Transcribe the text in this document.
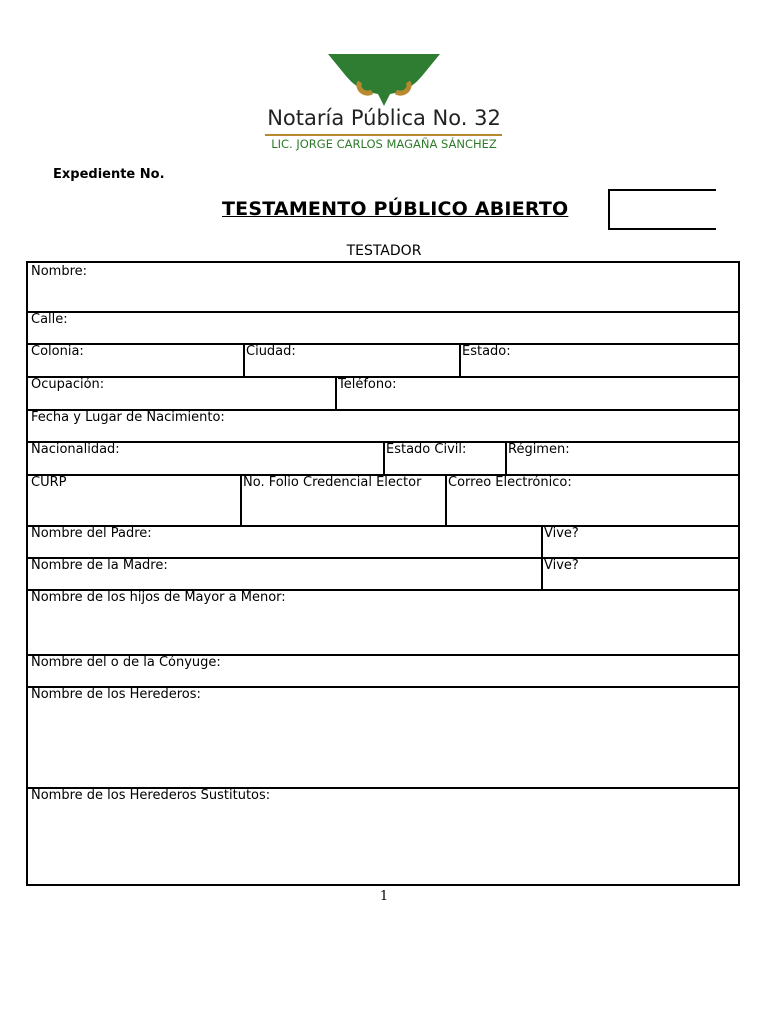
Notaría Pública No. 32
LIC. JORGE CARLOS MAGAÑA SÁNCHEZ
Expediente No.
TESTAMENTO PÚBLICO ABIERTO
TESTADOR
Nombre:
Calle:
Colonia:	Ciudad:	Estado:
Ocupación:	Teléfono:
Fecha y Lugar de Nacimiento:
Nacionalidad:	Estado Civil:	Régimen:
CURP	No. Folio Credencial Elector	Correo Electrónico:
Nombre del Padre:	Vive?
Nombre de la Madre:	Vive?
Nombre de los hijos de Mayor a Menor:
Nombre del o de la Cónyuge:
Nombre de los Herederos:
Nombre de los Herederos Sustitutos:
1
